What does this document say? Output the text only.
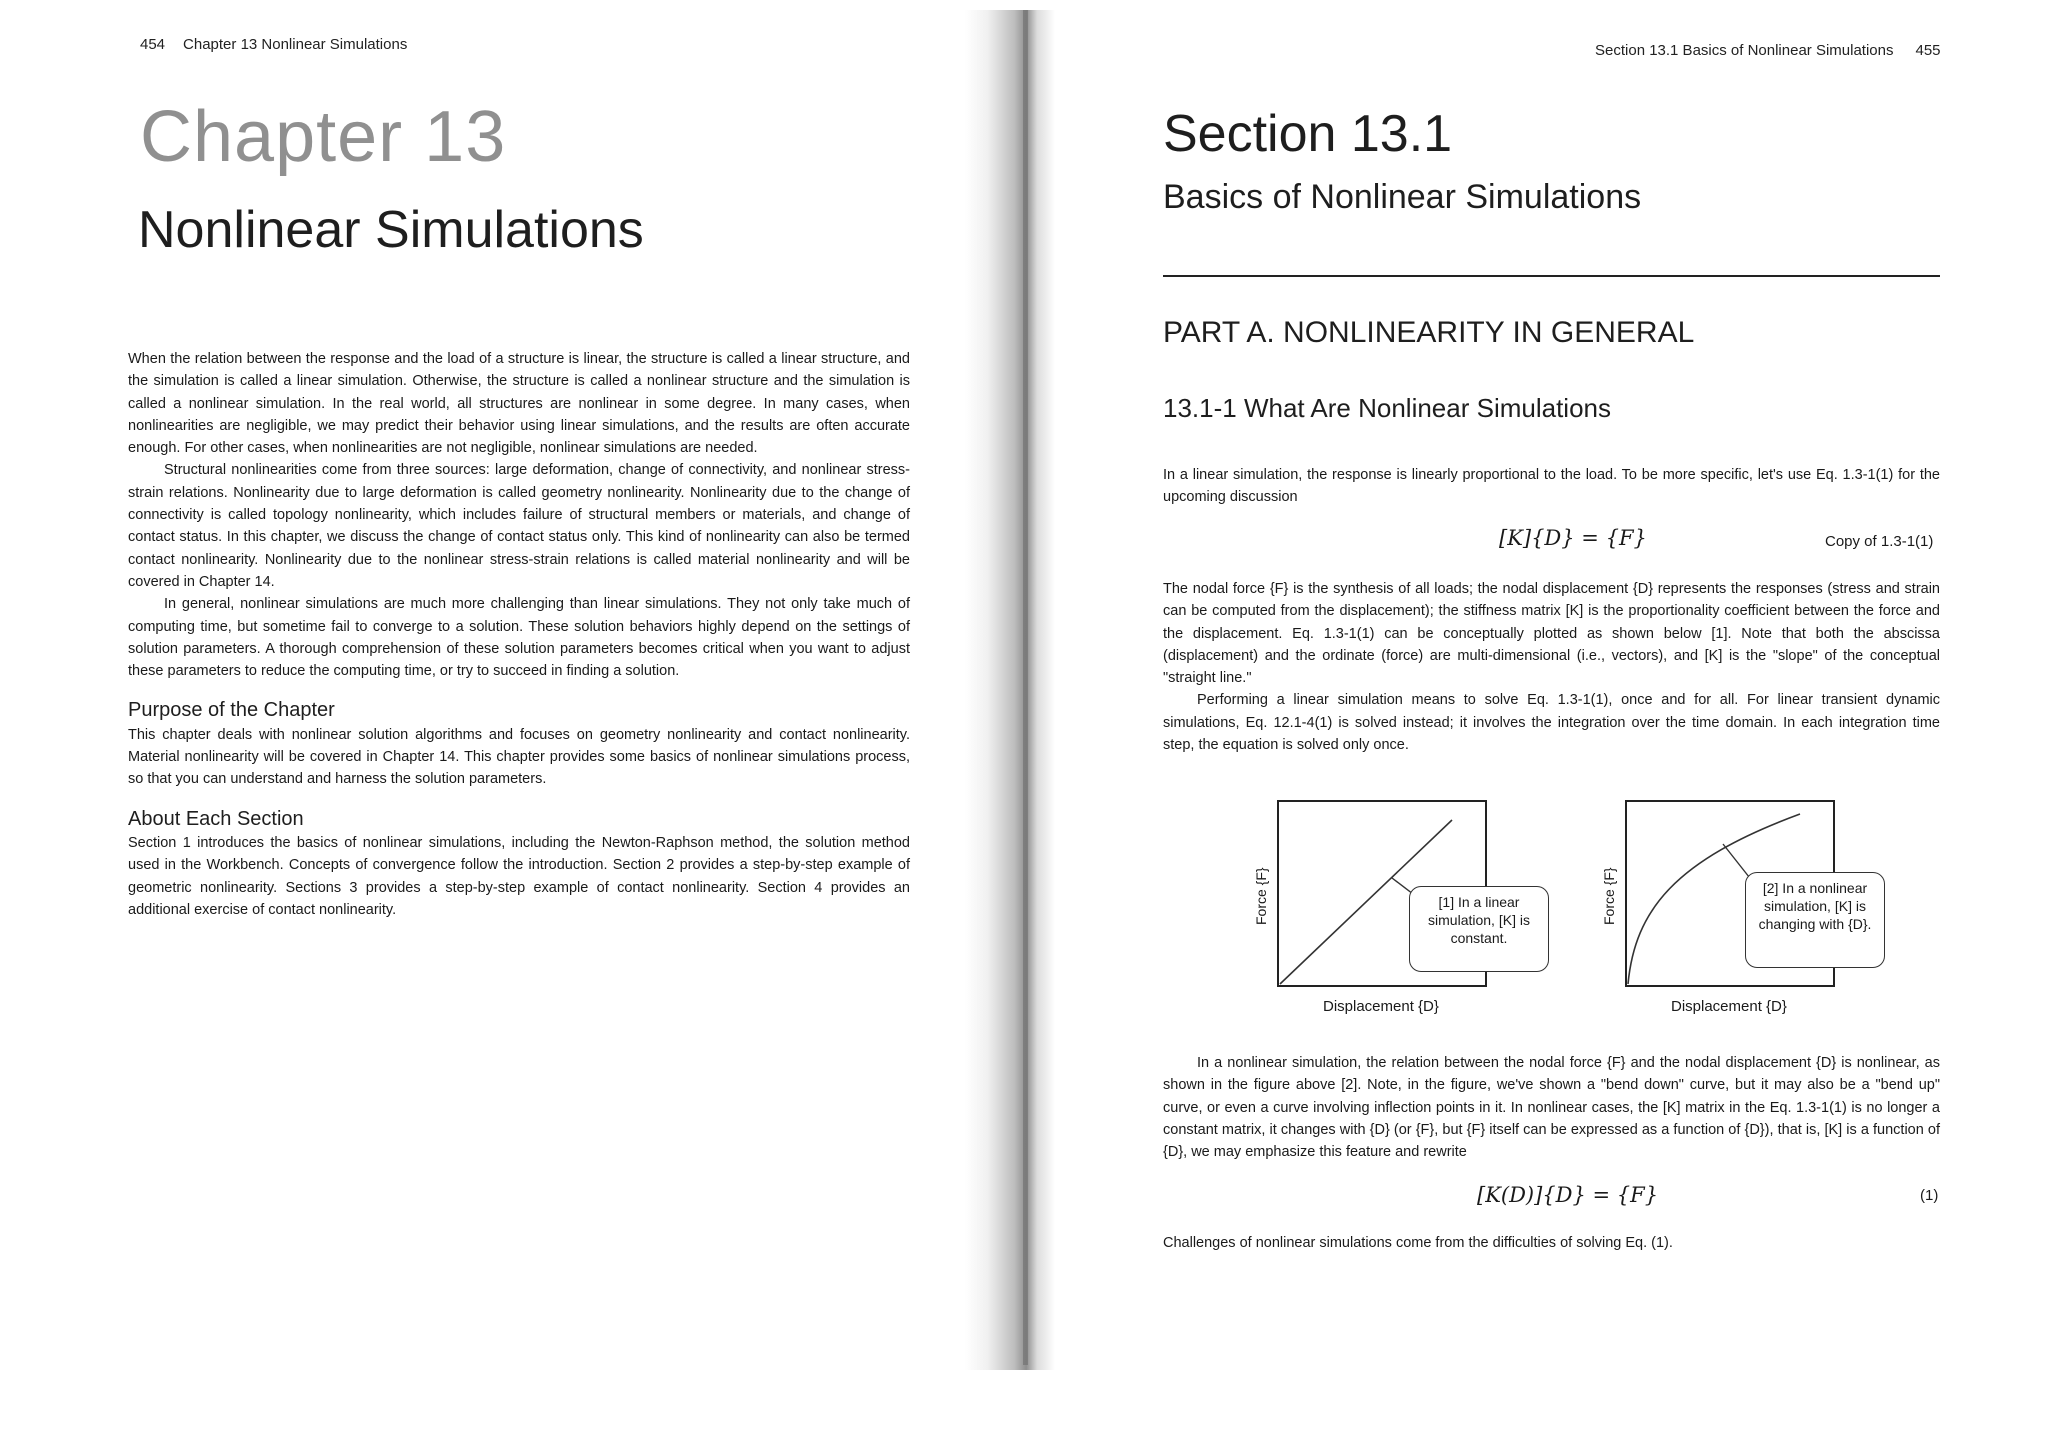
454 Chapter 13 Nonlinear Simulations
Chapter 13
Nonlinear Simulations

When the relation between the response and the load of a structure is linear, the structure is called a linear structure, and the simulation is called a linear simulation. Otherwise, the structure is called a nonlinear structure and the simulation is called a nonlinear simulation. In the real world, all structures are nonlinear in some degree. In many cases, when nonlinearities are negligible, we may predict their behavior using linear simulations, and the results are often accurate enough. For other cases, when nonlinearities are not negligible, nonlinear simulations are needed.

Structural nonlinearities come from three sources: large deformation, change of connectivity, and nonlinear stress-strain relations. Nonlinearity due to large deformation is called geometry nonlinearity. Nonlinearity due to the change of connectivity is called topology nonlinearity, which includes failure of structural members or materials, and change of contact status. In this chapter, we discuss the change of contact status only. This kind of nonlinearity can also be termed contact nonlinearity. Nonlinearity due to the nonlinear stress-strain relations is called material nonlinearity and will be covered in Chapter 14.

In general, nonlinear simulations are much more challenging than linear simulations. They not only take much of computing time, but sometime fail to converge to a solution. These solution behaviors highly depend on the settings of solution parameters. A thorough comprehension of these solution parameters becomes critical when you want to adjust these parameters to reduce the computing time, or try to succeed in finding a solution.

Purpose of the Chapter

This chapter deals with nonlinear solution algorithms and focuses on geometry nonlinearity and contact nonlinearity. Material nonlinearity will be covered in Chapter 14. This chapter provides some basics of nonlinear simulations process, so that you can understand and harness the solution parameters.

About Each Section

Section 1 introduces the basics of nonlinear simulations, including the Newton-Raphson method, the solution method used in the Workbench. Concepts of convergence follow the introduction. Section 2 provides a step-by-step example of geometric nonlinearity. Sections 3 provides a step-by-step example of contact nonlinearity. Section 4 provides an additional exercise of contact nonlinearity.

Section 13.1 Basics of Nonlinear Simulations 455
Section 13.1
Basics of Nonlinear Simulations
PART A. NONLINEARITY IN GENERAL
13.1-1 What Are Nonlinear Simulations

In a linear simulation, the response is linearly proportional to the load. To be more specific, let's use Eq. 1.3-1(1) for the upcoming discussion

[K]{D} = {F}	Copy of 1.3-1(1)

The nodal force {F} is the synthesis of all loads; the nodal displacement {D} represents the responses (stress and strain can be computed from the displacement); the stiffness matrix [K] is the proportionality coefficient between the force and the displacement. Eq. 1.3-1(1) can be conceptually plotted as shown below [1]. Note that both the abscissa (displacement) and the ordinate (force) are multi-dimensional (i.e., vectors), and [K] is the "slope" of the conceptual "straight line."

Performing a linear simulation means to solve Eq. 1.3-1(1), once and for all. For linear transient dynamic simulations, Eq. 12.1-4(1) is solved instead; it involves the integration over the time domain. In each integration time step, the equation is solved only once.

Force {F}
Displacement {D}
[1] In a linear simulation, [K] is constant.
Force {F}
Displacement {D}
[2] In a nonlinear simulation, [K] is changing with {D}.

In a nonlinear simulation, the relation between the nodal force {F} and the nodal displacement {D} is nonlinear, as shown in the figure above [2]. Note, in the figure, we've shown a "bend down" curve, but it may also be a "bend up" curve, or even a curve involving inflection points in it. In nonlinear cases, the [K] matrix in the Eq. 1.3-1(1) is no longer a constant matrix, it changes with {D} (or {F}, but {F} itself can be expressed as a function of {D}), that is, [K] is a function of {D}, we may emphasize this feature and rewrite

[K(D)]{D} = {F}	(1)

Challenges of nonlinear simulations come from the difficulties of solving Eq. (1).
